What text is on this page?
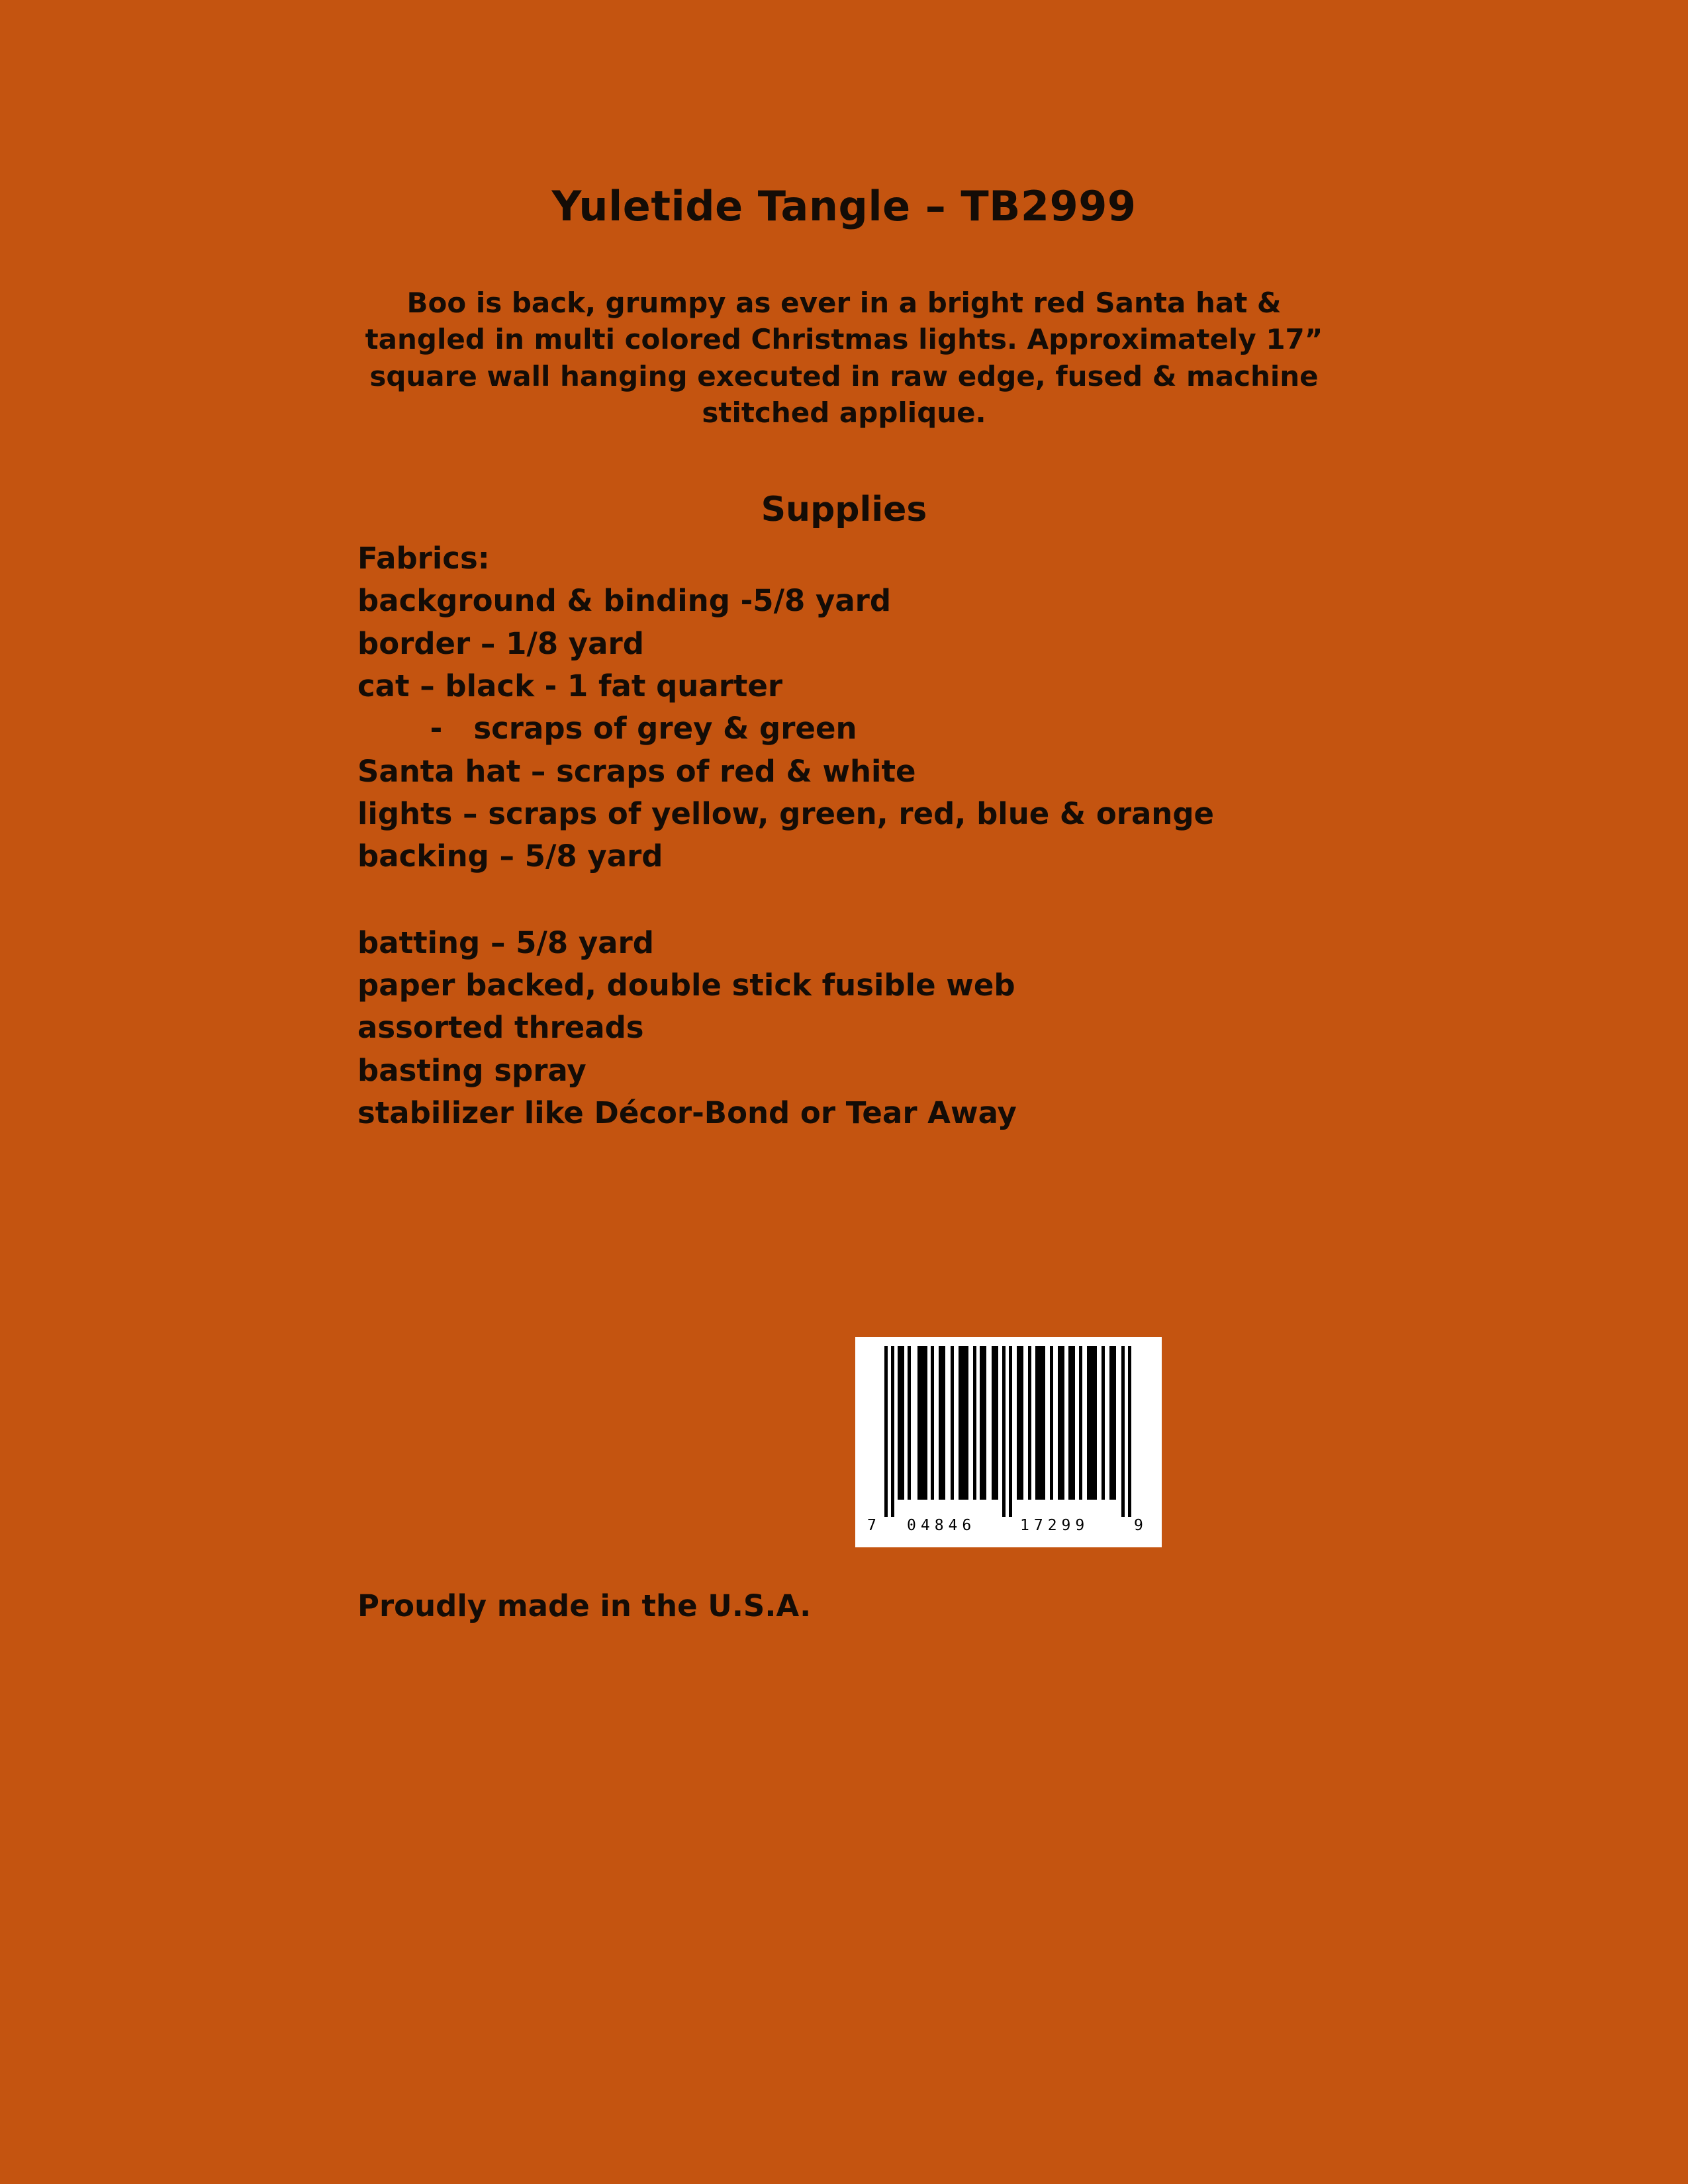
Yuletide Tangle – TB2999
Boo is back, grumpy as ever in a bright red Santa hat & tangled in multi colored Christmas lights. Approximately 17” square wall hanging executed in raw edge, fused & machine stitched applique.
Supplies
Fabrics:
background & binding -5/8 yard
border – 1/8 yard
cat – black - 1 fat quarter
-   scraps of grey & green
Santa hat – scraps of red & white
lights – scraps of yellow, green, red, blue & orange
backing – 5/8 yard
batting – 5/8 yard
paper backed, double stick fusible web
assorted threads
basting spray
stabilizer like Décor-Bond or Tear Away
7 04846	17299	9
Proudly made in the U.S.A.
